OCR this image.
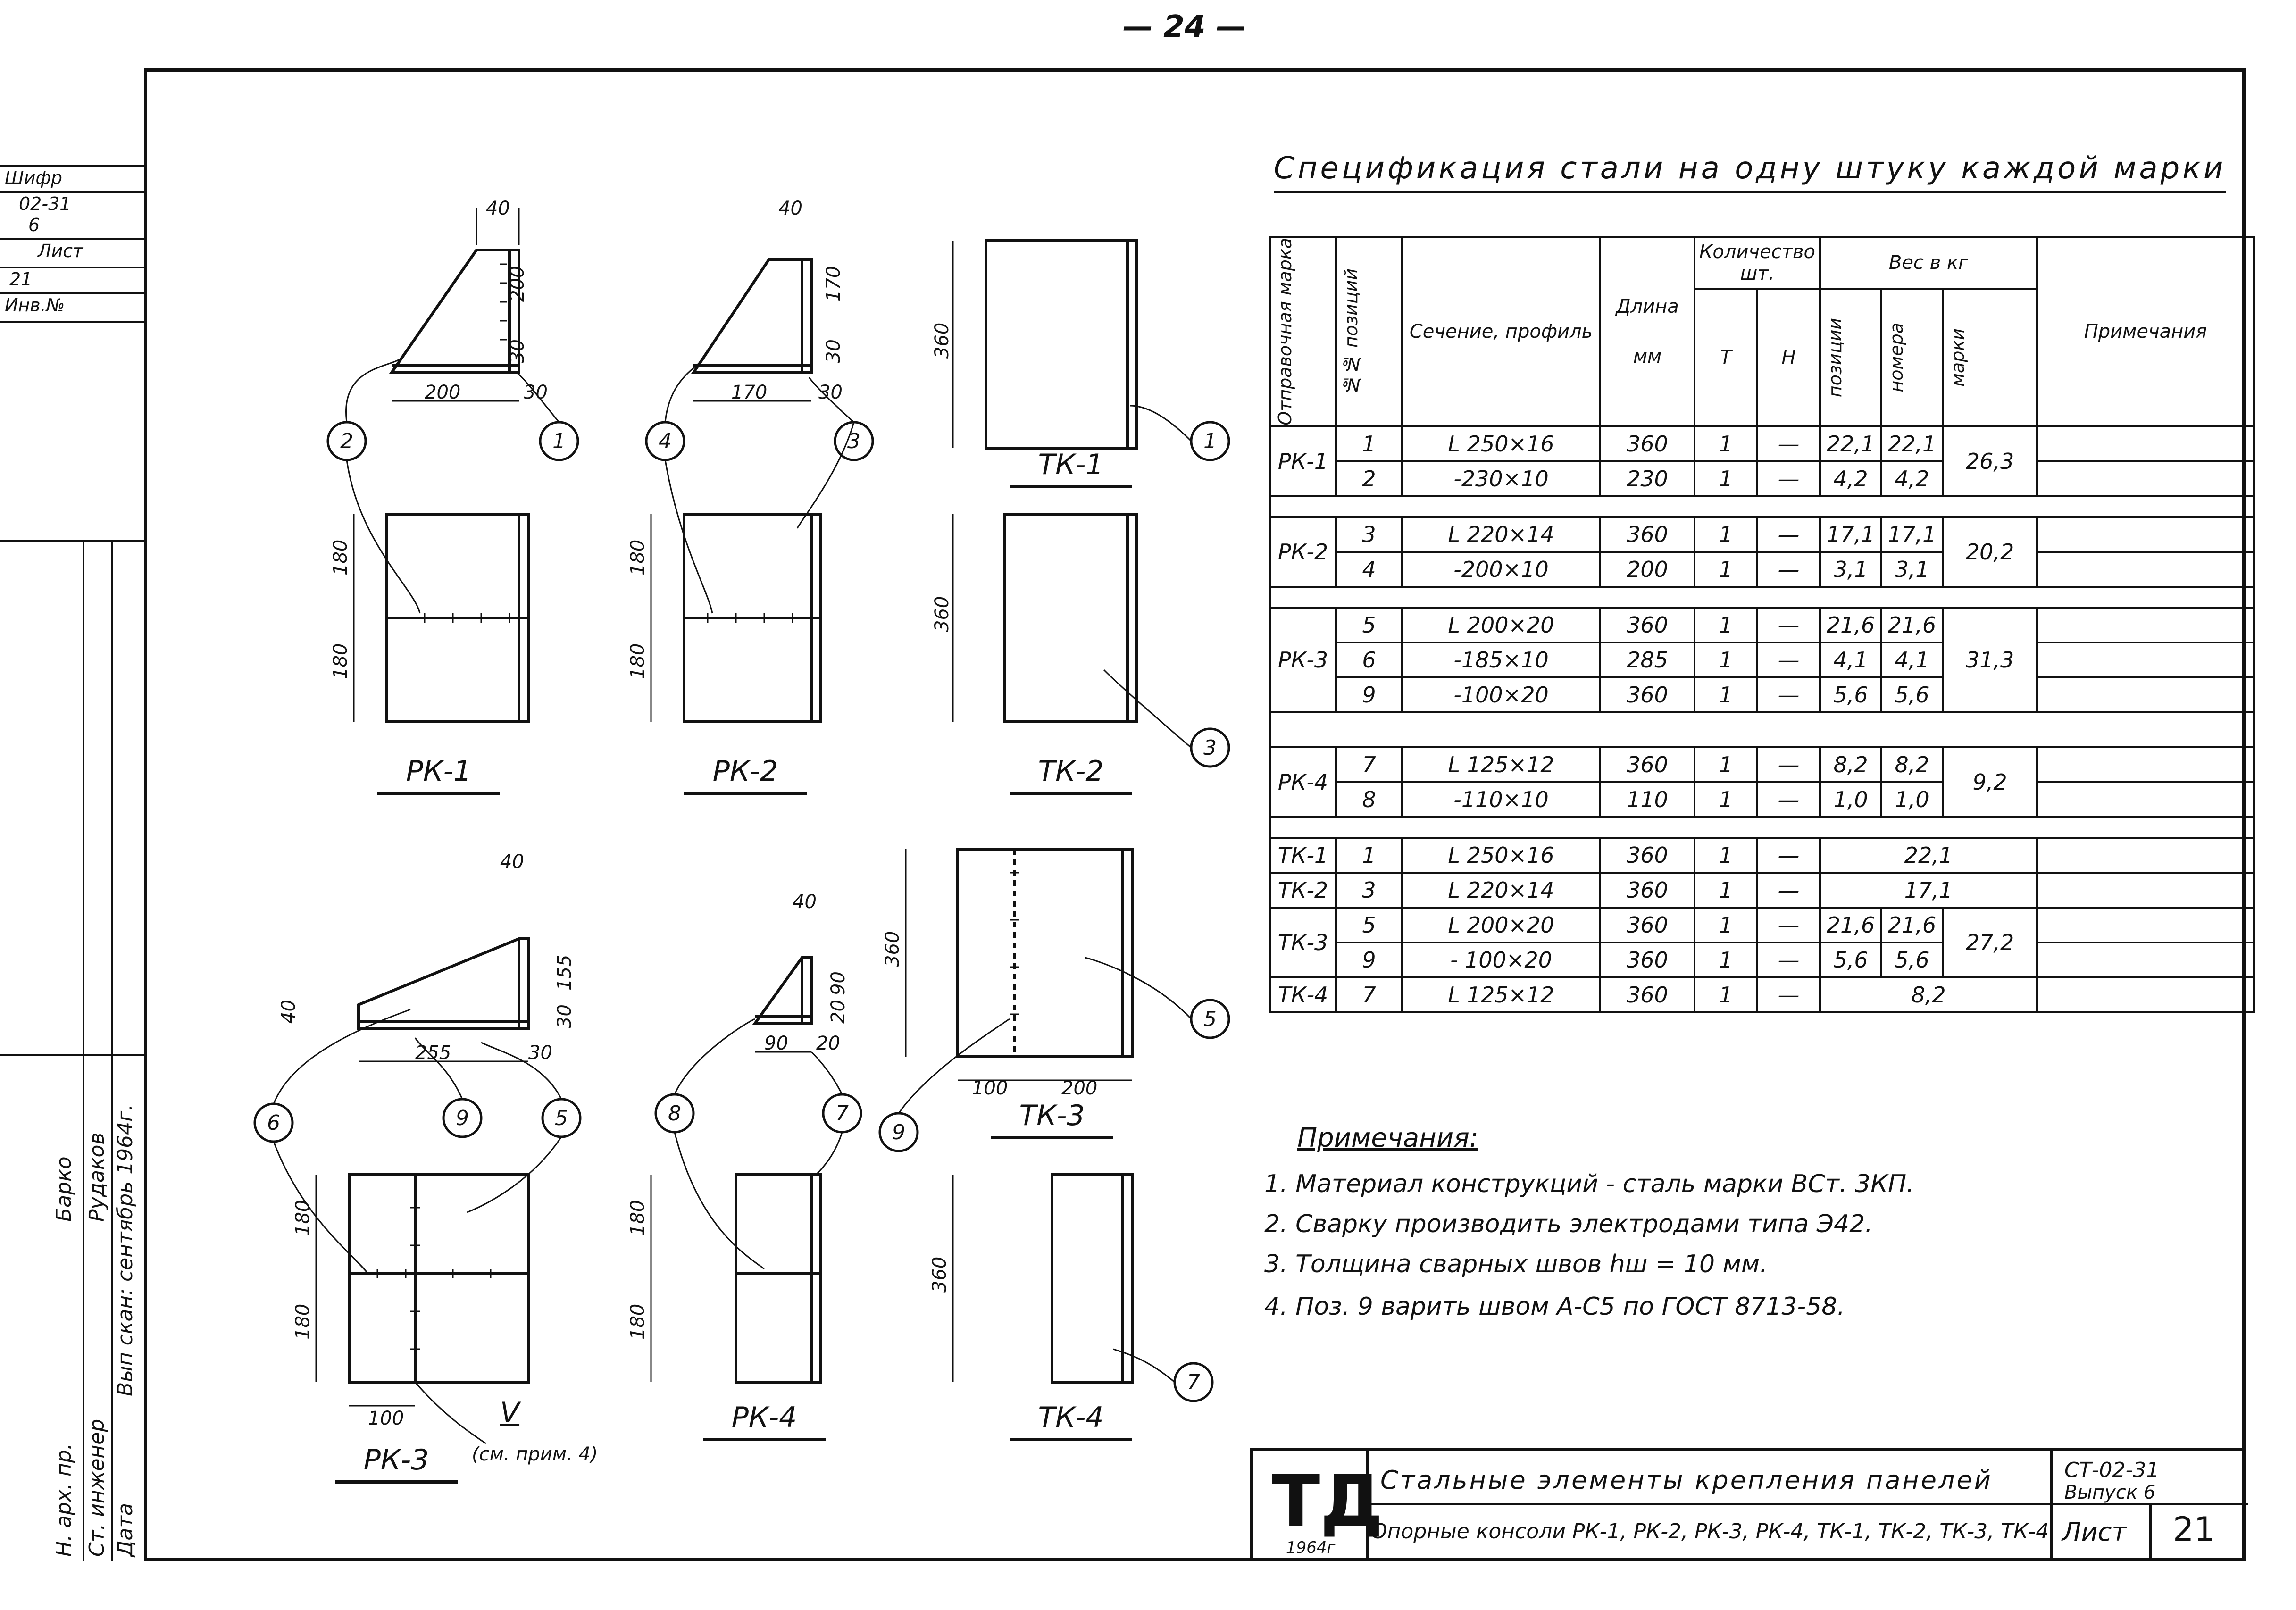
— 24 —
Шифр
02-31
6
Лист
21
Инв.№
Н. арх. пр. Ст. инженер Дата
Барко Рудаков Вып скан: сентябрь 1964г.
Спецификация стали на одну штуку каждой марки
Отправочная марка	№№ позиций	Сечение, профиль	Длина
мм	Количество шт.		Вес в кг			Примечания
				Т	Н	позиции	номера	марки	

РК-1	1	L 250×16	360	1	—	22,1	22,1	26,3	
	2	-230×10	230	1	—	4,2	4,2		

РК-2	3	L 220×14	360	1	—	17,1	17,1	20,2	
	4	-200×10	200	1	—	3,1	3,1		

РК-3	5	L 200×20	360	1	—	21,6	21,6	31,3	
	6	-185×10	285	1	—	4,1	4,1		
	9	-100×20	360	1	—	5,6	5,6		

РК-4	7	L 125×12	360	1	—	8,2	8,2	9,2	
	8	-110×10	110	1	—	1,0	1,0		

ТК-1	1	L 250×16	360	1	—	22,1			
ТК-2	3	L 220×14	360	1	—	17,1			
ТК-3	5	L 200×20	360	1	—	21,6	21,6	27,2	
	9	- 100×20	360	1	—	5,6	5,6		
ТК-4	7	L 125×12	360	1	—	8,2			
Примечания:
1. Материал конструкций - сталь марки ВСт. 3КП.
2. Сварку производить электродами типа Э42.
3. Толщина сварных швов hш = 10 мм.
4. Поз. 9 варить швом А-С5 по ГОСТ 8713-58.
ТД
1964г
Стальные элементы крепления панелей
Опорные консоли РК-1, РК-2, РК-3, РК-4, ТК-1, ТК-2, ТК-3, ТК-4
СТ-02-31
Выпуск 6
Лист 21
РК-1	РК-2
ТК-1
ТК-2
РК-3
РК-4
ТК-3
ТК-4
V
(см. прим. 4)
40
200
30
200	30
180
180
40
170
30
170	30
180
180
360
360
40
155
30
40
255	30
180
180
100
40
90
20
90 20
180
180
360
100	200
360
2	1	4	3	1
3
6	9	5	8	7
5
9
7
